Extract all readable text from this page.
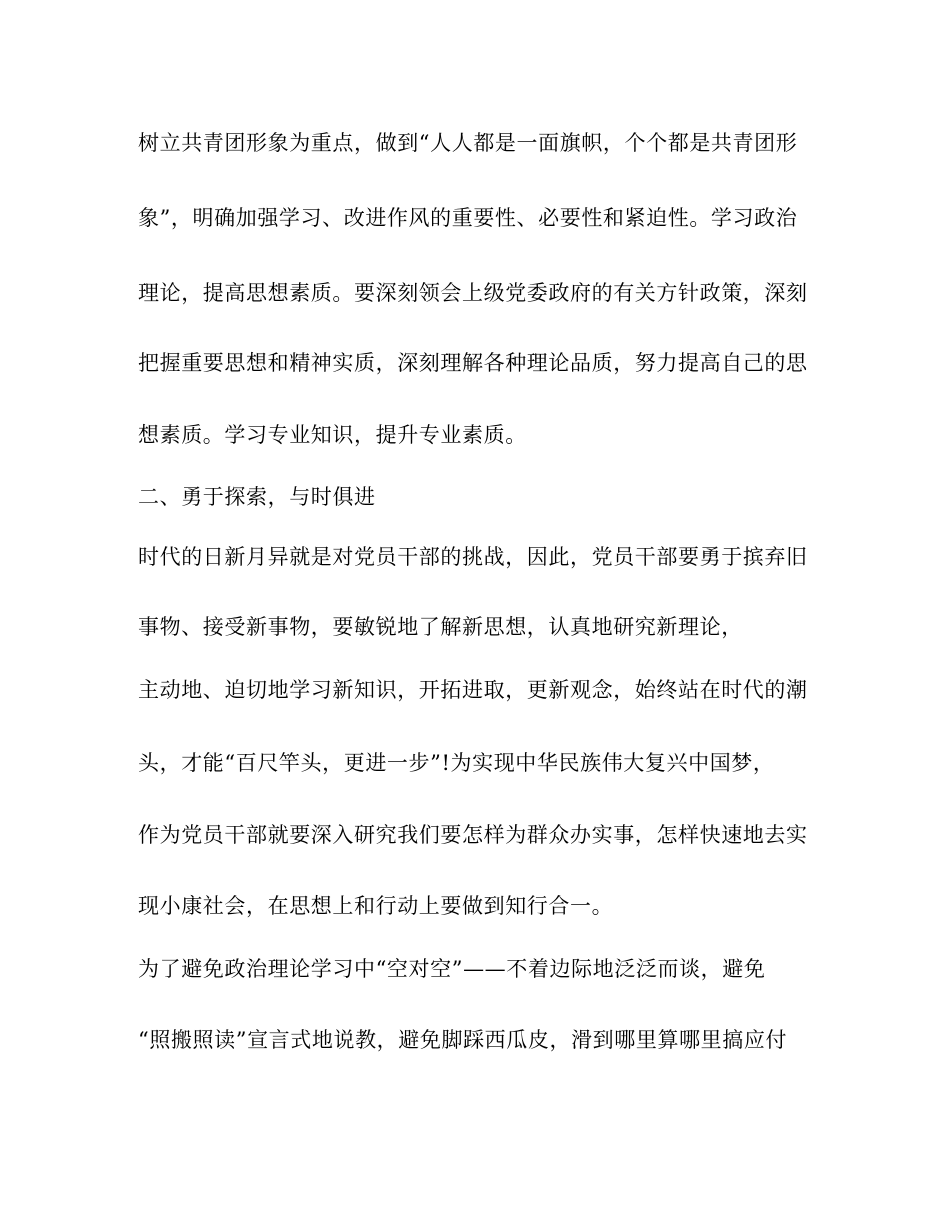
树立共青团形象为重点，做到“人人都是一面旗帜，个个都是共青团形
象”，明确加强学习、改进作风的重要性、必要性和紧迫性。学习政治
理论，提高思想素质。要深刻领会上级党委政府的有关方针政策，深刻
把握重要思想和精神实质，深刻理解各种理论品质，努力提高自己的思
想素质。学习专业知识，提升专业素质。
二、勇于探索，与时俱进
时代的日新月异就是对党员干部的挑战，因此，党员干部要勇于摈弃旧
事物、接受新事物，要敏锐地了解新思想，认真地研究新理论，
主动地、迫切地学习新知识，开拓进取，更新观念，始终站在时代的潮
头，才能“百尺竿头，更进一步”!为实现中华民族伟大复兴中国梦，
作为党员干部就要深入研究我们要怎样为群众办实事，怎样快速地去实
现小康社会，在思想上和行动上要做到知行合一。
为了避免政治理论学习中“空对空”——不着边际地泛泛而谈，避免
“照搬照读”宣言式地说教，避免脚踩西瓜皮，滑到哪里算哪里搞应付
